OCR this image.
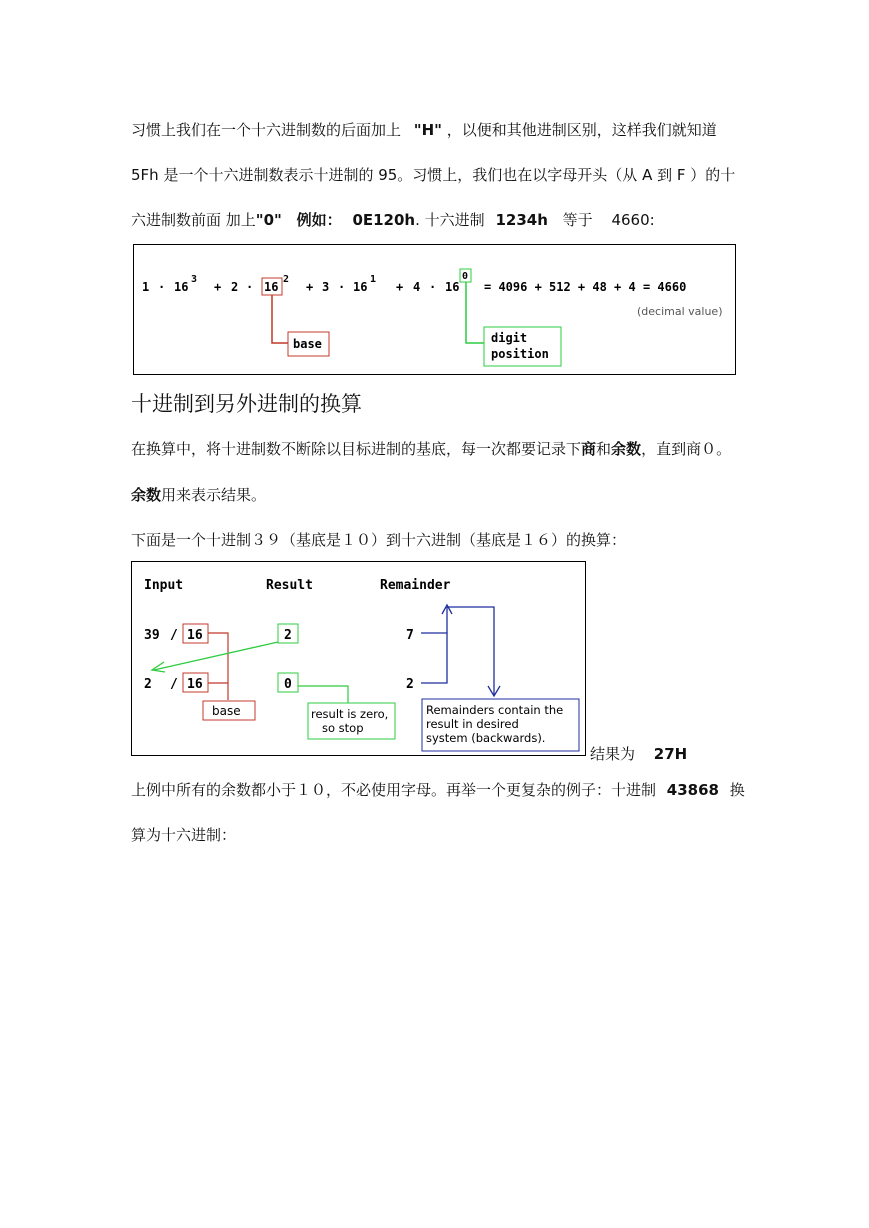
习惯上我们在一个十六进制数的后面加上 "H" ，以便和其他进制区别，这样我们就知道
5Fh 是一个十六进制数表示十进制的 95。习惯上，我们也在以字母开头（从 A 到 F ）的十
六进制数前面 加上"0" 例如： 0E120h. 十六进制 1234h 等于 4660:
1 · 16
3
+ 2 · 16
2
+ 3 · 16
1
+ 4 · 16
0
= 4096 + 512 + 48 + 4 = 4660
(decimal value)
base	digit
position
十进制到另外进制的换算
在换算中，将十进制数不断除以目标进制的基底，每一次都要记录下商和余数，直到商０。
余数用来表示结果。
下面是一个十进制３９（基底是１０）到十六进制（基底是１６）的换算：
Input	Result	Remainder
39 / 16	2	7
2 / 16	0	2
base	result is zero,
so stop
Remainders contain the
result in desired
system (backwards).
结果为 27H
上例中所有的余数都小于１０，不必使用字母。再举一个更复杂的例子：十进制 43868 换
算为十六进制：
